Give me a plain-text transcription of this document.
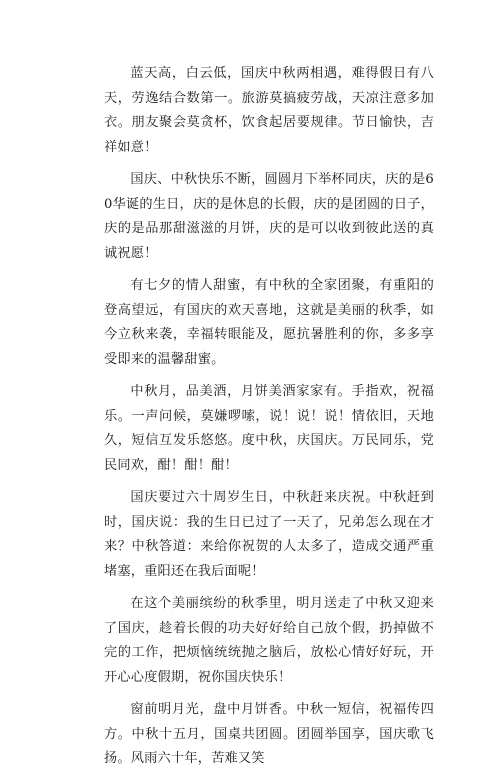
蓝天高，白云低，国庆中秋两相遇，难得假日有八天，劳逸结合数第一。旅游莫搞疲劳战，天凉注意多加衣。朋友聚会莫贪杯，饮食起居要规律。节日愉快，吉祥如意！

国庆、中秋快乐不断，圆圆月下举杯同庆，庆的是60华诞的生日，庆的是休息的长假，庆的是团圆的日子，庆的是品那甜滋滋的月饼，庆的是可以收到彼此送的真诚祝愿！

有七夕的情人甜蜜，有中秋的全家团聚，有重阳的登高望远，有国庆的欢天喜地，这就是美丽的秋季，如今立秋来袭，幸福转眼能及，愿抗暑胜利的你，多多享受即来的温馨甜蜜。

中秋月，品美酒，月饼美酒家家有。手指欢，祝福乐。一声问候，莫嫌啰嗦，说！说！说！情依旧，天地久，短信互发乐悠悠。度中秋，庆国庆。万民同乐，党民同欢，酣！酣！酣！

国庆要过六十周岁生日，中秋赶来庆祝。中秋赶到时，国庆说：我的生日已过了一天了，兄弟怎么现在才来？中秋答道：来给你祝贺的人太多了，造成交通严重堵塞，重阳还在我后面呢！

在这个美丽缤纷的秋季里，明月送走了中秋又迎来了国庆，趁着长假的功夫好好给自己放个假，扔掉做不完的工作，把烦恼统统抛之脑后，放松心情好好玩，开开心心度假期，祝你国庆快乐！

窗前明月光，盘中月饼香。中秋一短信，祝福传四方。中秋十五月，国桌共团圆。团圆举国享，国庆歌飞扬。风雨六十年，苦难又笑
